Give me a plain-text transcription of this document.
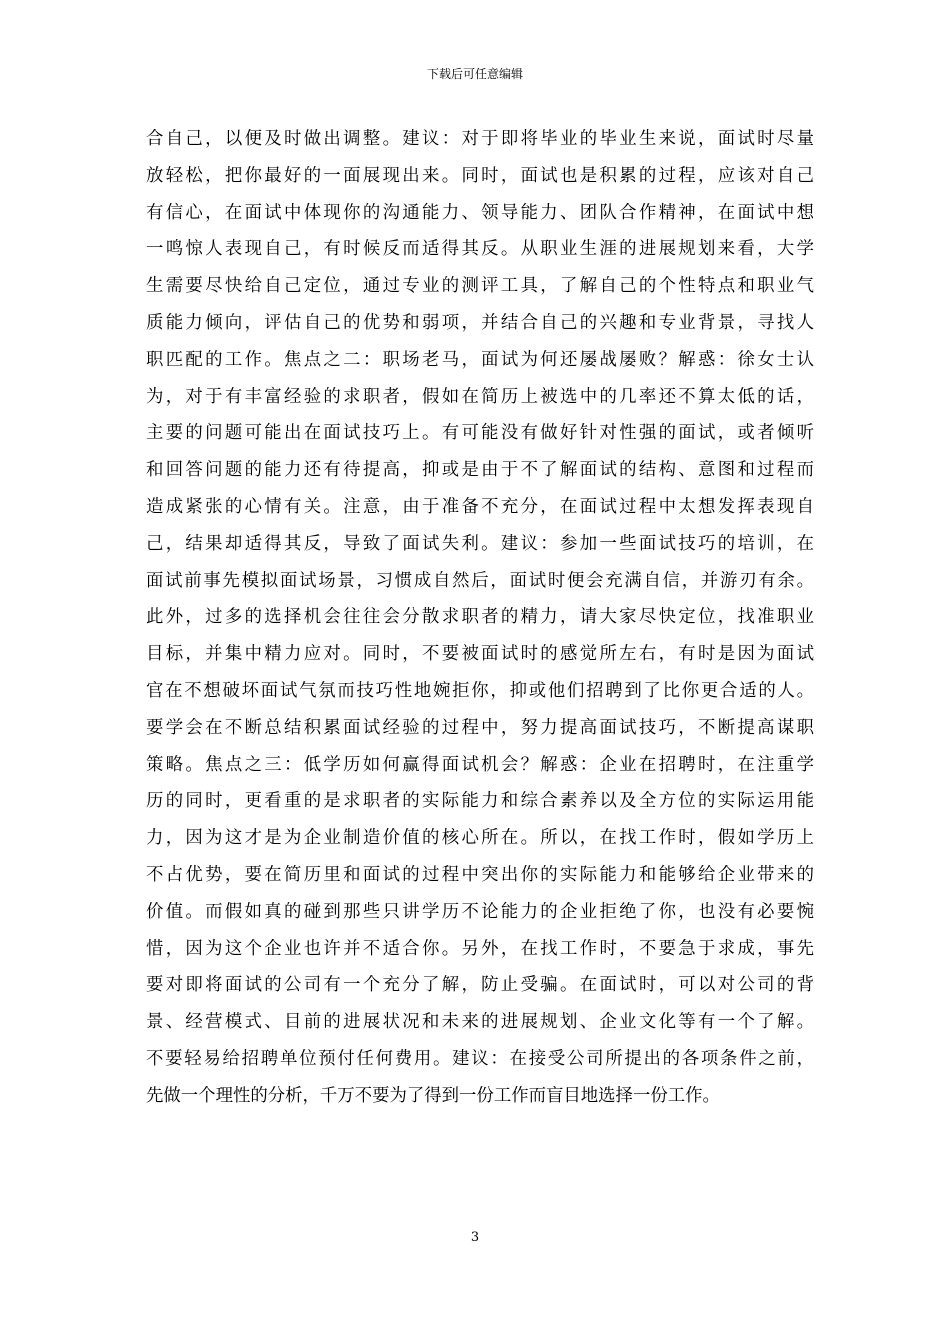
下载后可任意编辑
合自己，以便及时做出调整。建议：对于即将毕业的毕业生来说，面试时尽量
放轻松，把你最好的一面展现出来。同时，面试也是积累的过程，应该对自己
有信心，在面试中体现你的沟通能力、领导能力、团队合作精神，在面试中想
一鸣惊人表现自己，有时候反而适得其反。从职业生涯的进展规划来看，大学
生需要尽快给自己定位，通过专业的测评工具，了解自己的个性特点和职业气
质能力倾向，评估自己的优势和弱项，并结合自己的兴趣和专业背景，寻找人
职匹配的工作。焦点之二：职场老马，面试为何还屡战屡败？解惑：徐女士认
为，对于有丰富经验的求职者，假如在简历上被选中的几率还不算太低的话，
主要的问题可能出在面试技巧上。有可能没有做好针对性强的面试，或者倾听
和回答问题的能力还有待提高，抑或是由于不了解面试的结构、意图和过程而
造成紧张的心情有关。注意，由于准备不充分，在面试过程中太想发挥表现自
己，结果却适得其反，导致了面试失利。建议：参加一些面试技巧的培训，在
面试前事先模拟面试场景，习惯成自然后，面试时便会充满自信，并游刃有余。
此外，过多的选择机会往往会分散求职者的精力，请大家尽快定位，找准职业
目标，并集中精力应对。同时，不要被面试时的感觉所左右，有时是因为面试
官在不想破坏面试气氛而技巧性地婉拒你，抑或他们招聘到了比你更合适的人。
要学会在不断总结积累面试经验的过程中，努力提高面试技巧，不断提高谋职
策略。焦点之三：低学历如何赢得面试机会？解惑：企业在招聘时，在注重学
历的同时，更看重的是求职者的实际能力和综合素养以及全方位的实际运用能
力，因为这才是为企业制造价值的核心所在。所以，在找工作时，假如学历上
不占优势，要在简历里和面试的过程中突出你的实际能力和能够给企业带来的
价值。而假如真的碰到那些只讲学历不论能力的企业拒绝了你，也没有必要惋
惜，因为这个企业也许并不适合你。另外，在找工作时，不要急于求成，事先
要对即将面试的公司有一个充分了解，防止受骗。在面试时，可以对公司的背
景、经营模式、目前的进展状况和未来的进展规划、企业文化等有一个了解。
不要轻易给招聘单位预付任何费用。建议：在接受公司所提出的各项条件之前，
先做一个理性的分析，千万不要为了得到一份工作而盲目地选择一份工作。
3
